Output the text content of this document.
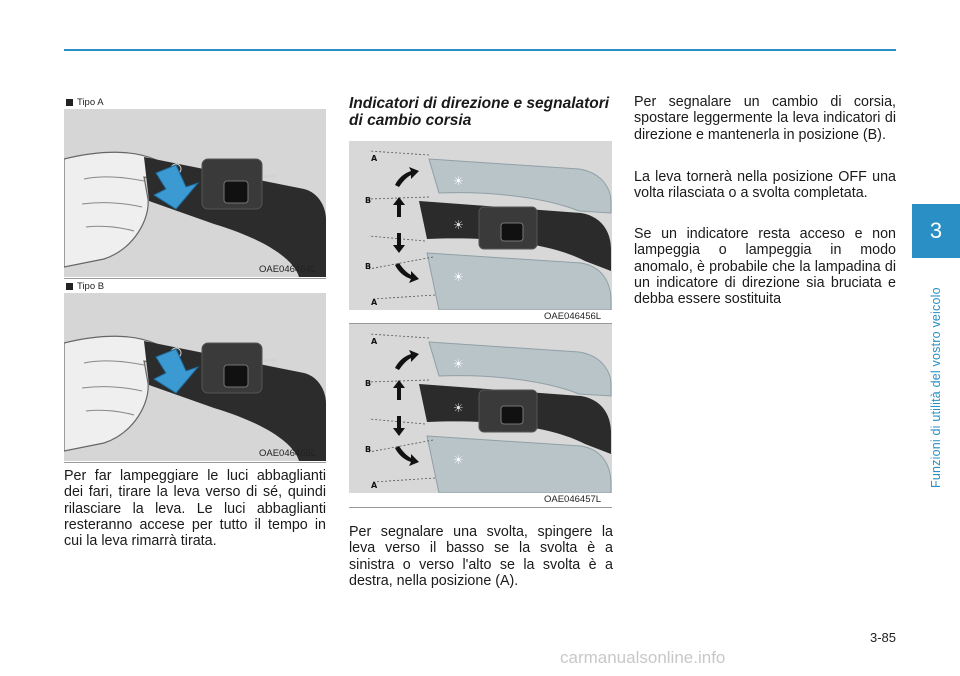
Tipo A
⇦⇨
OAE046454L
Tipo B
⇦⇨
OAE046455L
Per far lampeggiare le luci abbaglianti dei fari, tirare la leva verso di sé, quindi rilasciare la leva. Le luci abbaglianti resteranno accese per tutto il tempo in cui la leva rimarrà tirata.
Indicatori di direzione e segnalatori di cambio corsia
☀
☀
☀
A
B
B
A
OAE046456L
☀
☀
☀
A
B
B
A
OAE046457L
Per segnalare una svolta, spingere la leva verso il basso se la svolta è a sinistra o verso l'alto se la svolta è a destra, nella posizione (A).
Per segnalare un cambio di corsia, spostare leggermente la leva indicatori di direzione e mantenerla in posizione (B).
La leva tornerà nella posizione OFF una volta rilasciata o a svolta completata.
Se un indicatore resta acceso e non lampeggia o lampeggia in modo anomalo, è probabile che la lampadina di un indicatore di direzione sia bruciata e debba essere sostituita
3
Funzioni di utilità del vostro veicolo
3-85
carmanualsonline.info
